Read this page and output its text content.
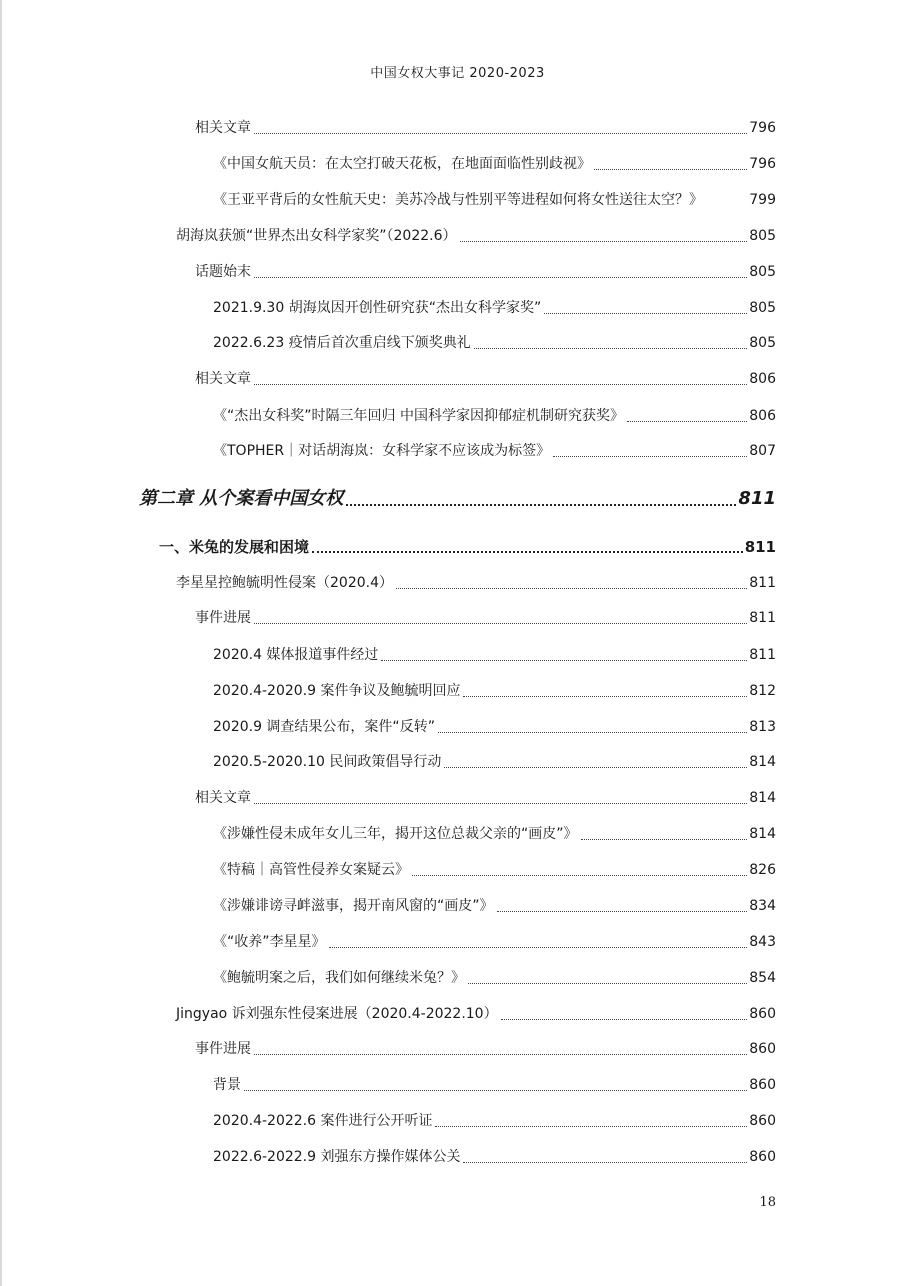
中国女权大事记 2020-2023
相关文章	796
《中国女航天员：在太空打破天花板，在地面面临性别歧视》	796
《王亚平背后的女性航天史：美苏冷战与性别平等进程如何将女性送往太空？》	799
胡海岚获颁“世界杰出女科学家奖”（2022.6）	805
话题始末	805
2021.9.30 胡海岚因开创性研究获“杰出女科学家奖”	805
2022.6.23 疫情后首次重启线下颁奖典礼	805
相关文章	806
《“杰出女科奖”时隔三年回归 中国科学家因抑郁症机制研究获奖》	806
《TOPHER｜对话胡海岚：女科学家不应该成为标签》	807
第二章 从个案看中国女权	811
一、米兔的发展和困境	811
李星星控鲍毓明性侵案（2020.4）	811
事件进展	811
2020.4 媒体报道事件经过	811
2020.4-2020.9 案件争议及鲍毓明回应	812
2020.9 调查结果公布，案件“反转”	813
2020.5-2020.10 民间政策倡导行动	814
相关文章	814
《涉嫌性侵未成年女儿三年，揭开这位总裁父亲的“画皮”》	814
《特稿｜高管性侵养女案疑云》	826
《涉嫌诽谤寻衅滋事，揭开南风窗的“画皮”》	834
《“收养”李星星》	843
《鲍毓明案之后，我们如何继续米兔？》	854
Jingyao 诉刘强东性侵案进展（2020.4-2022.10）	860
事件进展	860
背景	860
2020.4-2022.6 案件进行公开听证	860
2022.6-2022.9 刘强东方操作媒体公关	860
18
